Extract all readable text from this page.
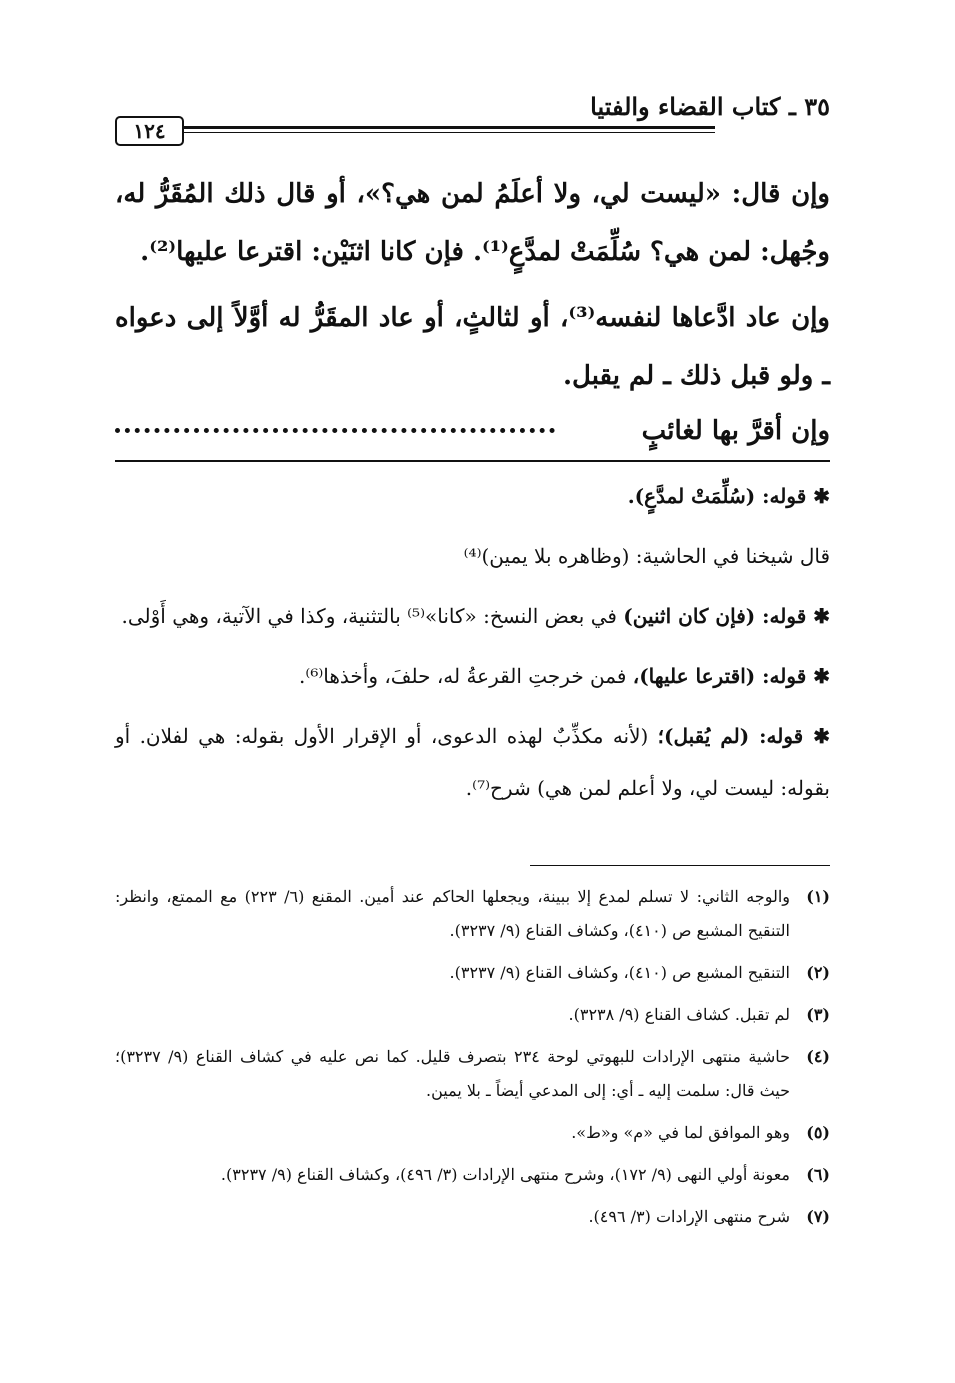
٣٥ ـ كتاب القضاء والفتيا
١٢٤

وإن قال: «ليست لي، ولا أعلَمُ لمن هي؟»، أو قال ذلك المُقَرُّ له، وجُهل: لمن هي؟ سُلِّمَتْ لمدَّعٍ⁽¹⁾. فإن كانا اثنَيْن: اقترعا عليها⁽²⁾.

وإن عاد ادَّعاها لنفسه⁽³⁾، أو لثالثٍ، أو عاد المقَرُّ له أوَّلاً إلى دعواه ـ ولو قبل ذلك ـ لم يقبل.

وإن أقرَّ بها لغائبٍ

✱ قوله: (سُلِّمَتْ لمدَّعٍ).

قال شيخنا في الحاشية: (وظاهره بلا يمين)⁽⁴⁾

✱ قوله: (فإن كان اثنين) في بعض النسخ: «كانا»⁽⁵⁾ بالتثنية، وكذا في الآتية، وهي أَوْلى.

✱ قوله: (اقترعا عليها)، فمن خرجتِ القرعةُ له، حلفَ، وأخذها⁽⁶⁾.

✱ قوله: (لم يُقبل)؛ (لأنه مكذِّبٌ لهذه الدعوى، أو الإقرار الأول بقوله: هي لفلان. أو بقوله: ليست لي، ولا أعلم لمن هي) شرح⁽⁷⁾.

(١)
والوجه الثاني: لا تسلم لمدع إلا ببينة، ويجعلها الحاكم عند أمين. المقنع (٦/ ٢٢٣) مع الممتع، وانظر: التنقيح المشبع ص (٤١٠)، وكشاف القناع (٩/ ٣٢٣٧).
(٢)
التنقيح المشبع ص (٤١٠)، وكشاف القناع (٩/ ٣٢٣٧).
(٣)
لم تقبل. كشاف القناع (٩/ ٣٢٣٨).
(٤)
حاشية منتهى الإرادات للبهوتي لوحة ٢٣٤ بتصرف قليل. كما نص عليه في كشاف القناع (٩/ ٣٢٣٧)؛ حيث قال: سلمت إليه ـ أي: إلى المدعي أيضاً ـ بلا يمين.
(٥)
وهو الموافق لما في «م» و«ط».
(٦)
معونة أولي النهى (٩/ ١٧٢)، وشرح منتهى الإرادات (٣/ ٤٩٦)، وكشاف القناع (٩/ ٣٢٣٧).
(٧)
شرح منتهى الإرادات (٣/ ٤٩٦).
